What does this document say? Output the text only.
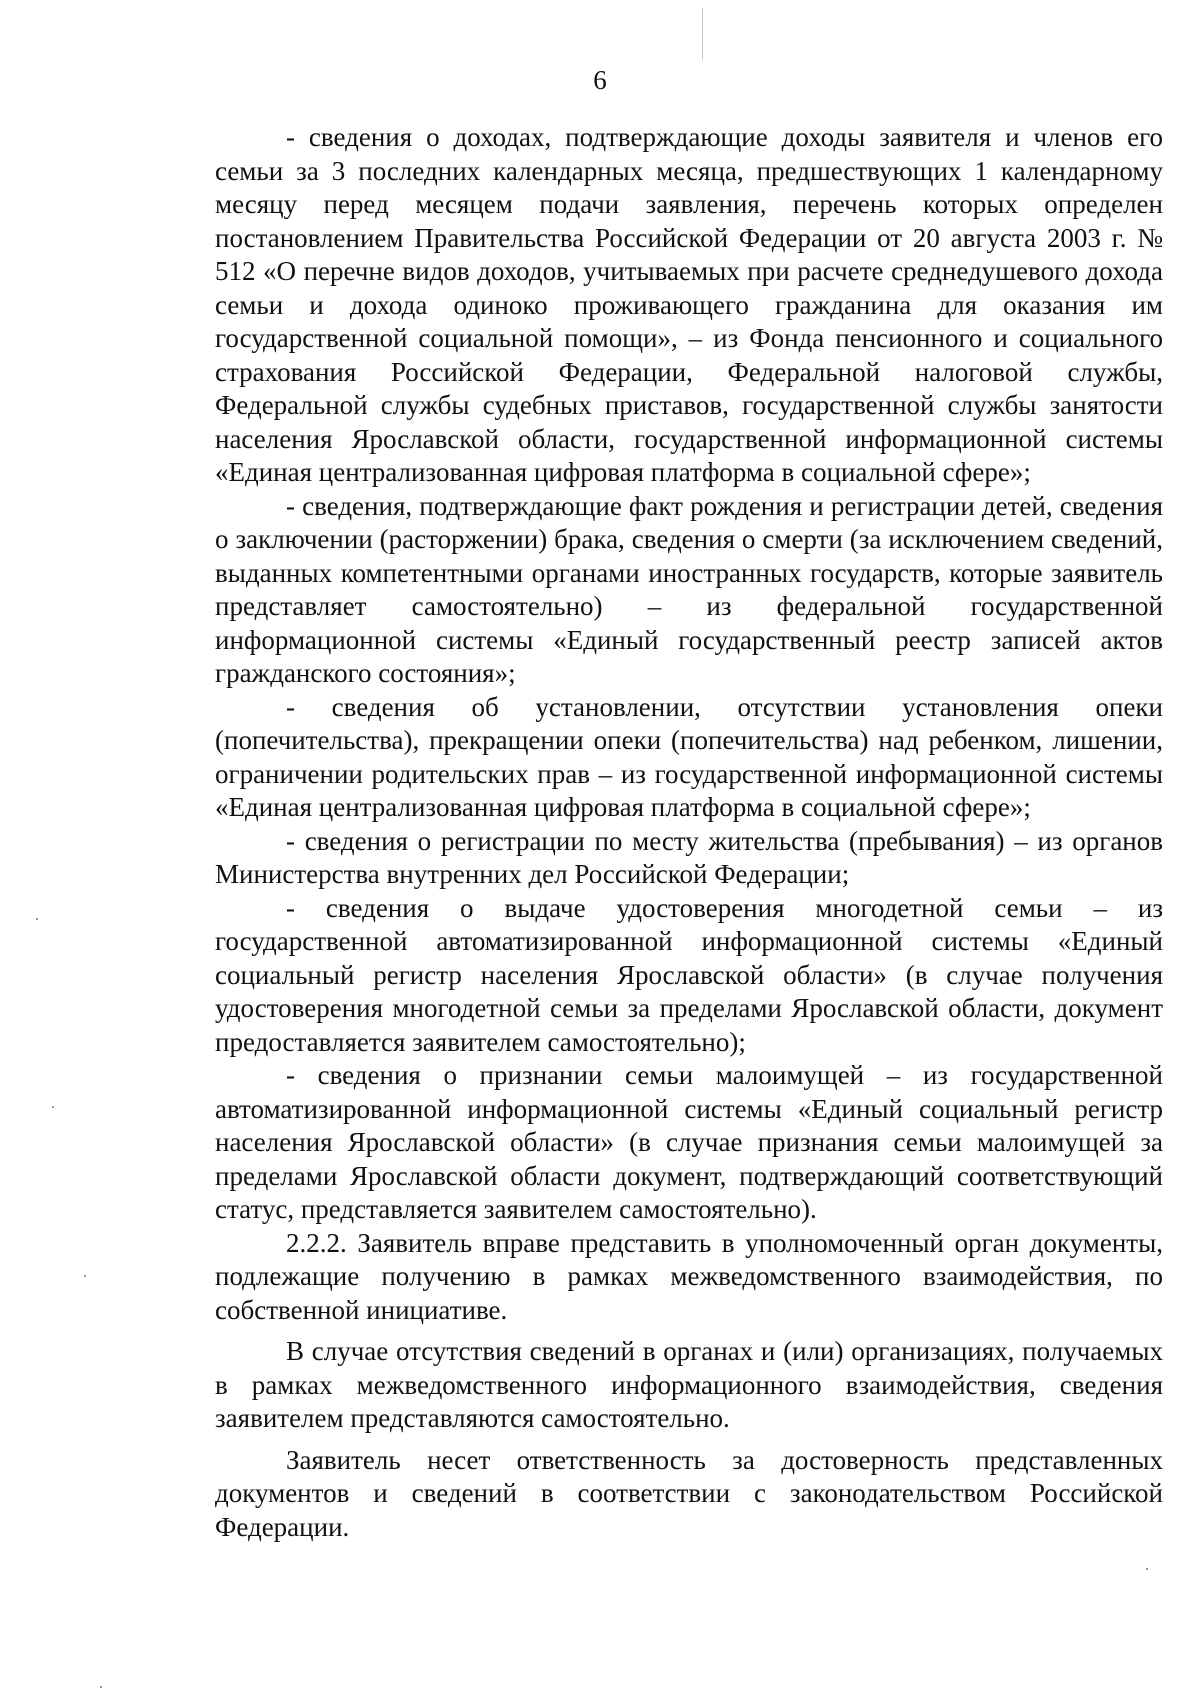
6

- сведения о доходах, подтверждающие доходы заявителя и членов его семьи за 3 последних календарных месяца, предшествующих 1 календарному месяцу перед месяцем подачи заявления, перечень которых определен постановлением Правительства Российской Федерации от 20 августа 2003 г. № 512 «О перечне видов доходов, учитываемых при расчете среднедушевого дохода семьи и дохода одиноко проживающего гражданина для оказания им государственной социальной помощи», – из Фонда пенсионного и социального страхования Российской Федерации, Федеральной налоговой службы, Федеральной службы судебных приставов, государственной службы занятости населения Ярославской области, государственной информационной системы «Единая централизованная цифровая платформа в социальной сфере»;

- сведения, подтверждающие факт рождения и регистрации детей, сведения о заключении (расторжении) брака, сведения о смерти (за исключением сведений, выданных компетентными органами иностранных государств, которые заявитель представляет самостоятельно) – из федеральной государственной информационной системы «Единый государственный реестр записей актов гражданского состояния»;

- сведения об установлении, отсутствии установления опеки (попечительства), прекращении опеки (попечительства) над ребенком, лишении, ограничении родительских прав – из государственной информационной системы «Единая централизованная цифровая платформа в социальной сфере»;

- сведения о регистрации по месту жительства (пребывания) – из органов Министерства внутренних дел Российской Федерации;

- сведения о выдаче удостоверения многодетной семьи – из государственной автоматизированной информационной системы «Единый социальный регистр населения Ярославской области» (в случае получения удостоверения многодетной семьи за пределами Ярославской области, документ предоставляется заявителем самостоятельно);

- сведения о признании семьи малоимущей – из государственной автоматизированной информационной системы «Единый социальный регистр населения Ярославской области» (в случае признания семьи малоимущей за пределами Ярославской области документ, подтверждающий соответствующий статус, представляется заявителем самостоятельно).

2.2.2. Заявитель вправе представить в уполномоченный орган документы, подлежащие получению в рамках межведомственного взаимодействия, по собственной инициативе.

В случае отсутствия сведений в органах и (или) организациях, получаемых в рамках межведомственного информационного взаимодействия, сведения заявителем представляются самостоятельно.

Заявитель несет ответственность за достоверность представленных документов и сведений в соответствии с законодательством Российской Федерации.
